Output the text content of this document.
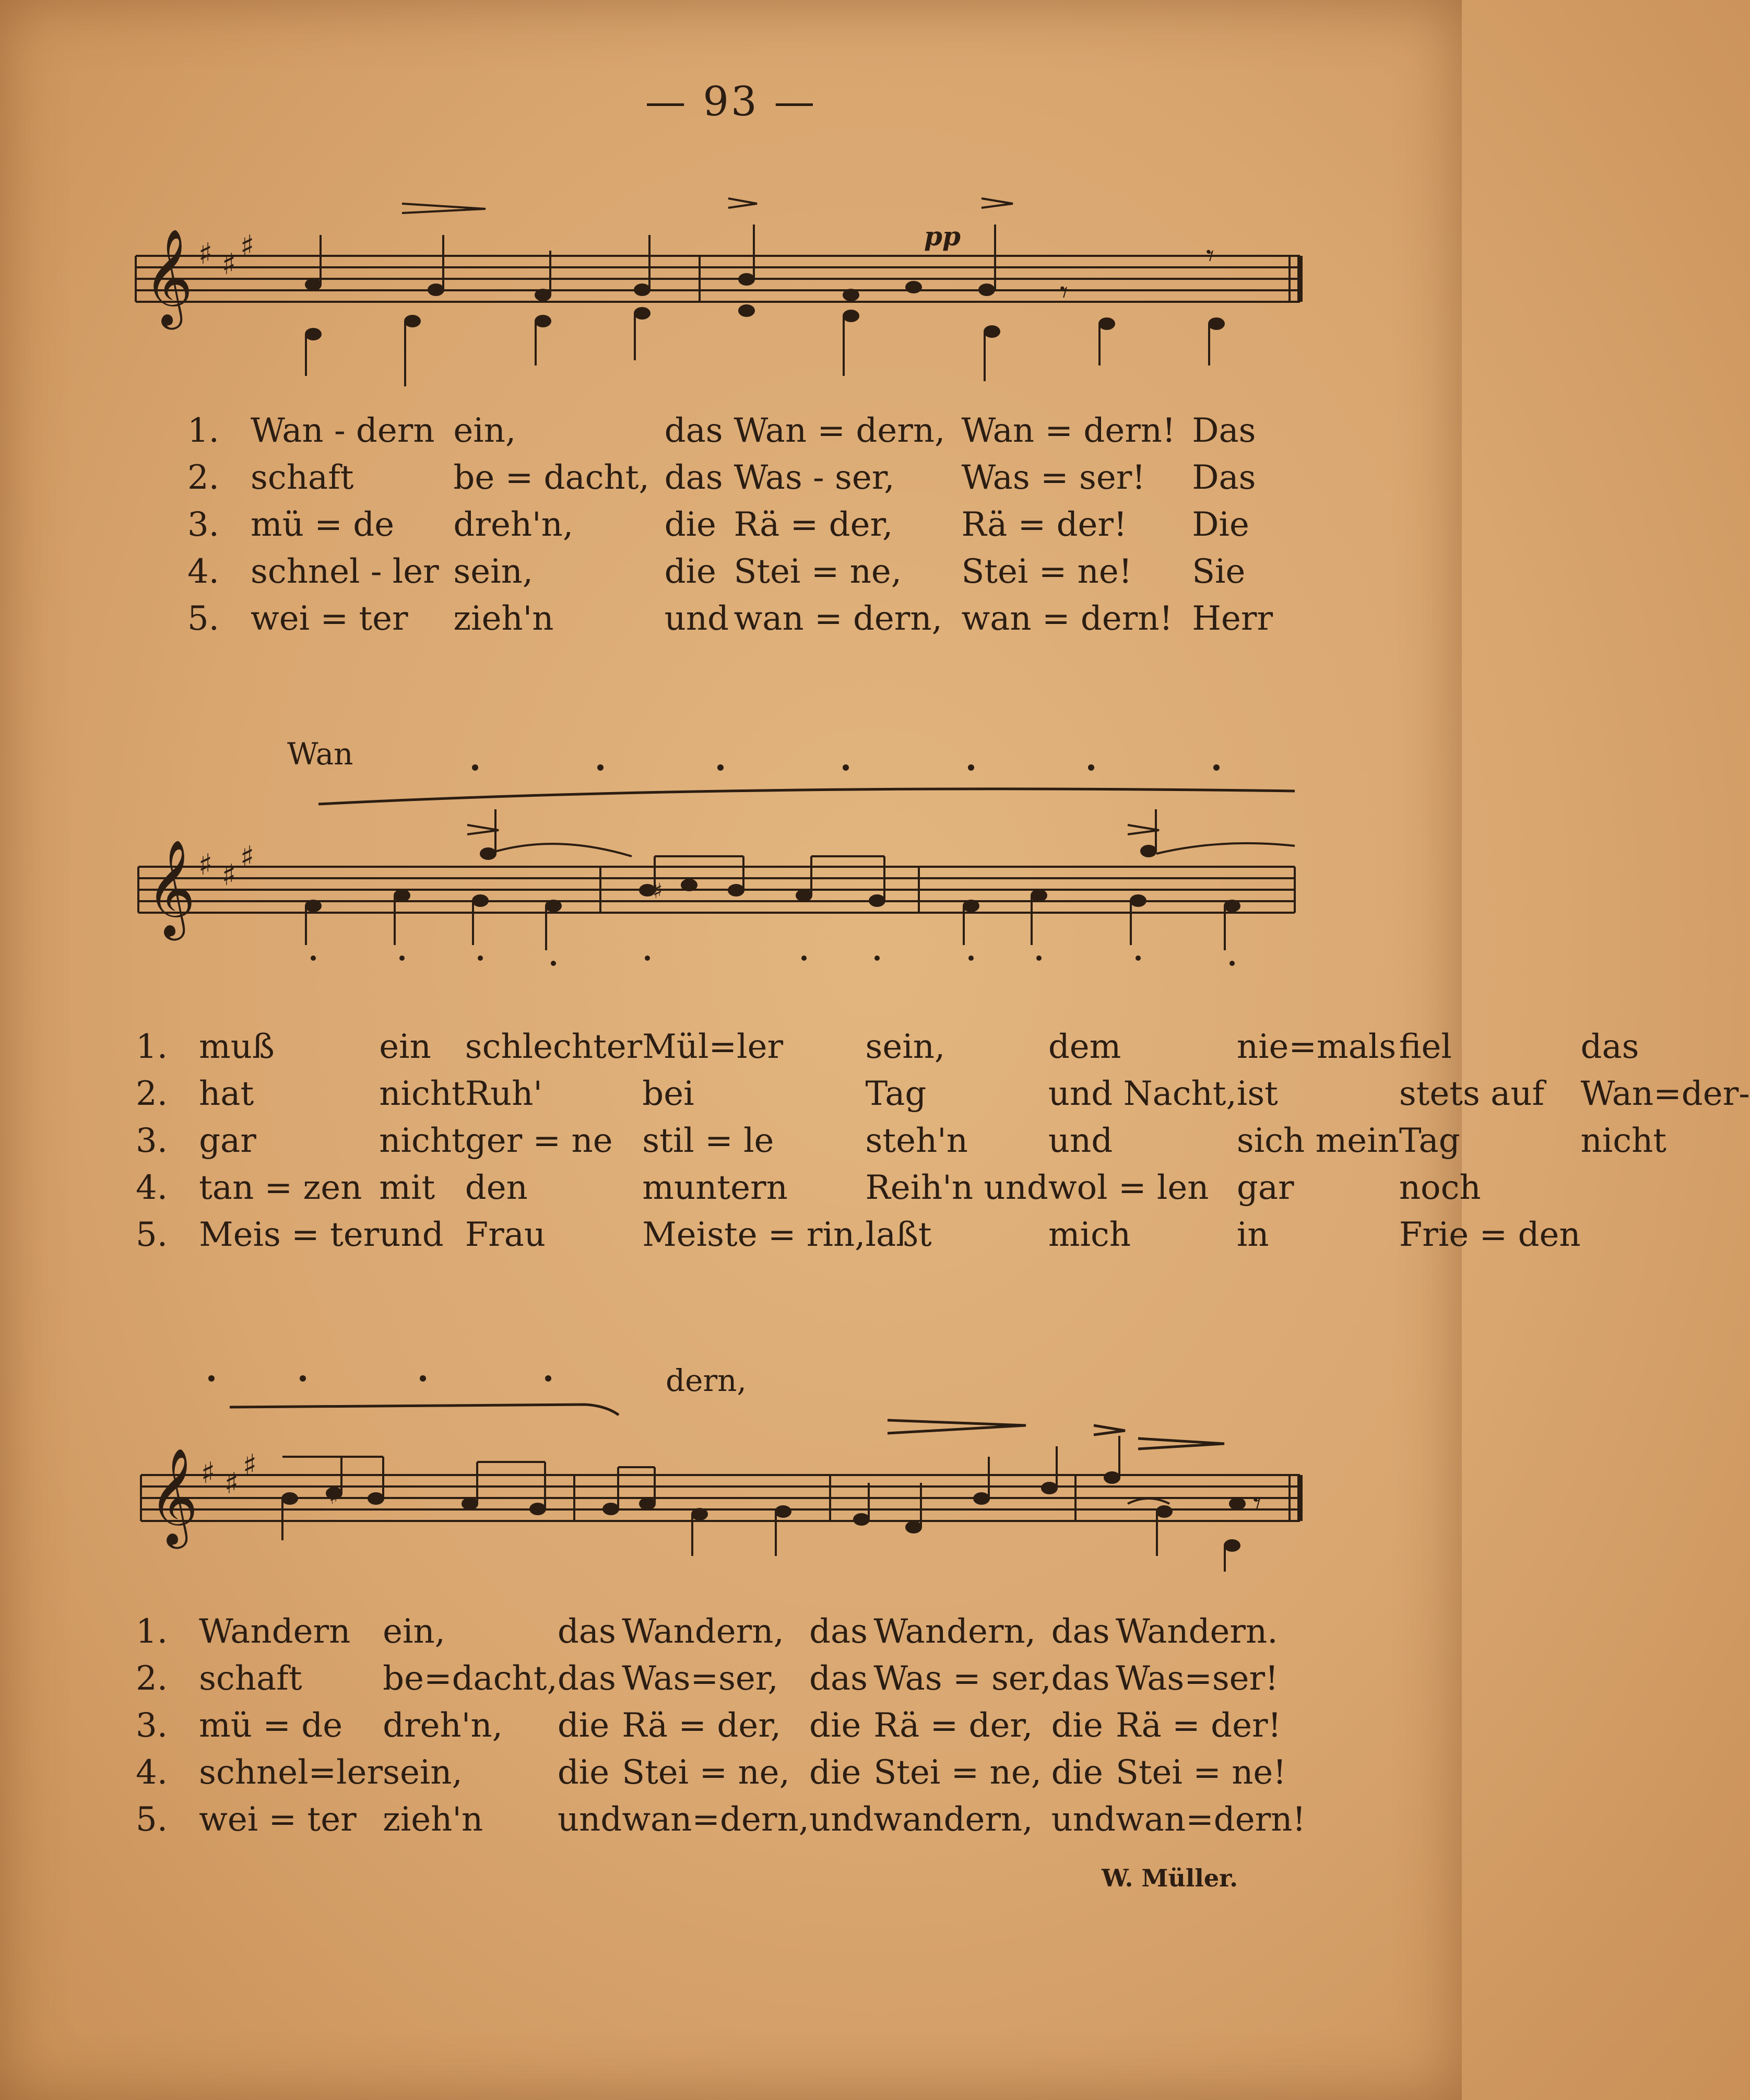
— 93 —
𝄞 ♯ ♯
♯	pp
𝄾
𝄾
1.	Wan - dern	ein,	das	Wan = dern,	Wan = dern!	Das
2.	schaft	be = dacht,	das	Was - ser,	Was = ser!	Das
3.	mü = de	dreh'n,	die	Rä = der,	Rä = der!	Die
4.	schnel - ler	sein,	die	Stei = ne,	Stei = ne!	Sie
5.	wei = ter	zieh'n	und	wan = dern,	wan = dern!	Herr
Wan
𝄞 ♯ ♯
♯
♯
1.	muß	ein	schlechter	Mül=ler	sein,	dem	nie=mals	fiel	das
2.	hat	nicht	Ruh'	bei	Tag	und Nacht,	ist	stets auf	Wan=der-
3.	gar	nicht	ger = ne	stil = le	steh'n	und	sich mein	Tag	nicht
4.	tan = zen	mit	den	muntern	Reih'n und	wol = len	gar	noch	
5.	Meis = ter	und	Frau	Meiste = rin,	laßt	mich	in	Frie = den	
dern,
𝄞 ♯ ♯
♯
𝄾
♯
1.	Wandern	ein,	das	Wandern,	das	Wandern,	das	Wandern.
2.	schaft	be=dacht,	das	Was=ser,	das	Was = ser,	das	Was=ser!
3.	mü = de	dreh'n,	die	Rä = der,	die	Rä = der,	die	Rä = der!
4.	schnel=ler	sein,	die	Stei = ne,	die	Stei = ne,	die	Stei = ne!
5.	wei = ter	zieh'n	und	wan=dern,	und	wandern,	und	wan=dern!
W. Müller.
